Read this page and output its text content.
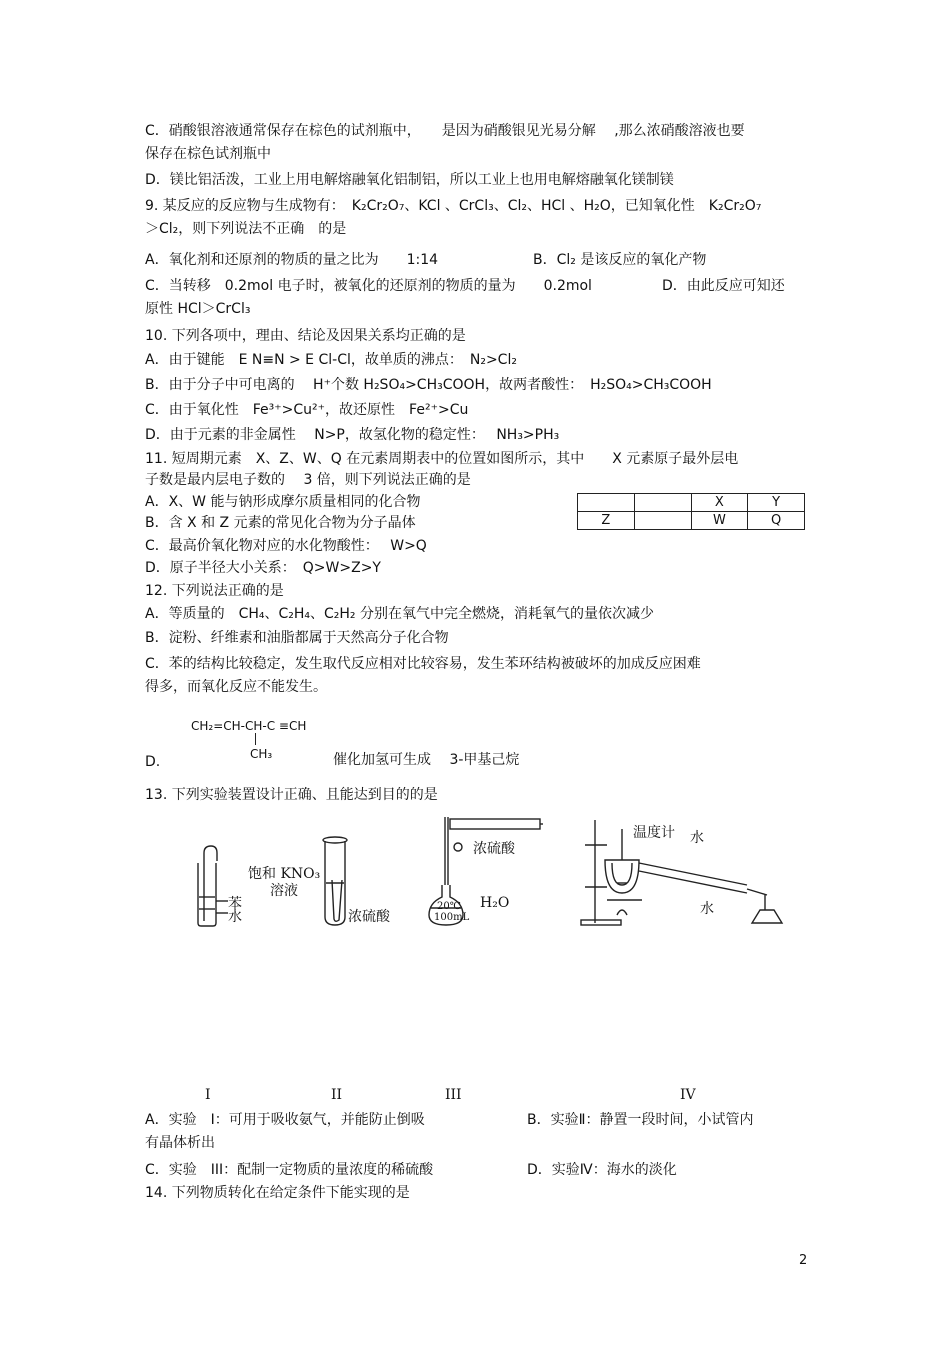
C．硝酸银溶液通常保存在棕色的试剂瓶中，　　是因为硝酸银见光易分解　 ,那么浓硝酸溶液也要
保存在棕色试剂瓶中
D．镁比铝活泼，工业上用电解熔融氧化铝制铝，所以工业上也用电解熔融氧化镁制镁
9. 某反应的反应物与生成物有：　K₂Cr₂O₇、KCl 、CrCl₃、Cl₂、HCl 、H₂O，已知氧化性　K₂Cr₂O₇
＞Cl₂，则下列说法不正确　的是
A．氧化剂和还原剂的物质的量之比为　　1:14	B．Cl₂ 是该反应的氧化产物
C．当转移　0.2mol 电子时，被氧化的还原剂的物质的量为　　0.2mol	D．由此反应可知还
原性 HCl＞CrCl₃
10. 下列各项中，理由、结论及因果关系均正确的是
A．由于键能　E N≡N > E Cl-Cl，故单质的沸点：　N₂>Cl₂
B．由于分子中可电离的　 H⁺个数 H₂SO₄>CH₃COOH，故两者酸性：　H₂SO₄>CH₃COOH
C．由于氧化性　Fe³⁺>Cu²⁺，故还原性　Fe²⁺>Cu
D．由于元素的非金属性　 N>P，故氢化物的稳定性：　 NH₃>PH₃
11. 短周期元素　X、Z、W、Q 在元素周期表中的位置如图所示，其中　　X 元素原子最外层电
子数是最内层电子数的　 3 倍，则下列说法正确的是
A．X、W 能与钠形成摩尔质量相同的化合物
B．含 X 和 Z 元素的常见化合物为分子晶体
C．最高价氧化物对应的水化物酸性：　 W>Q
D．原子半径大小关系：　Q>W>Z>Y
		X	Y
Z		W	Q
12. 下列说法正确的是
A．等质量的　CH₄、C₂H₄、C₂H₂ 分别在氧气中完全燃烧，消耗氧气的量依次减少
B．淀粉、纤维素和油脂都属于天然高分子化合物
C．苯的结构比较稳定，发生取代反应相对比较容易，发生苯环结构被破坏的加成反应困难
得多，而氧化反应不能发生。
CH₂=CH-CH-C ≡CH
CH₃
D.	催化加氢可生成　 3-甲基己烷
13. 下列实验装置设计正确、且能达到目的的是
苯
水
饱和 KNO₃
溶液
浓硫酸
浓硫酸
20℃
100mL
H₂O
温度计 水
水
I	II	III	IV
A．实验　I：可用于吸收氨气，并能防止倒吸	B．实验Ⅱ：静置一段时间，小试管内
有晶体析出
C．实验　III：配制一定物质的量浓度的稀硫酸	D．实验Ⅳ：海水的淡化
14. 下列物质转化在给定条件下能实现的是
2
